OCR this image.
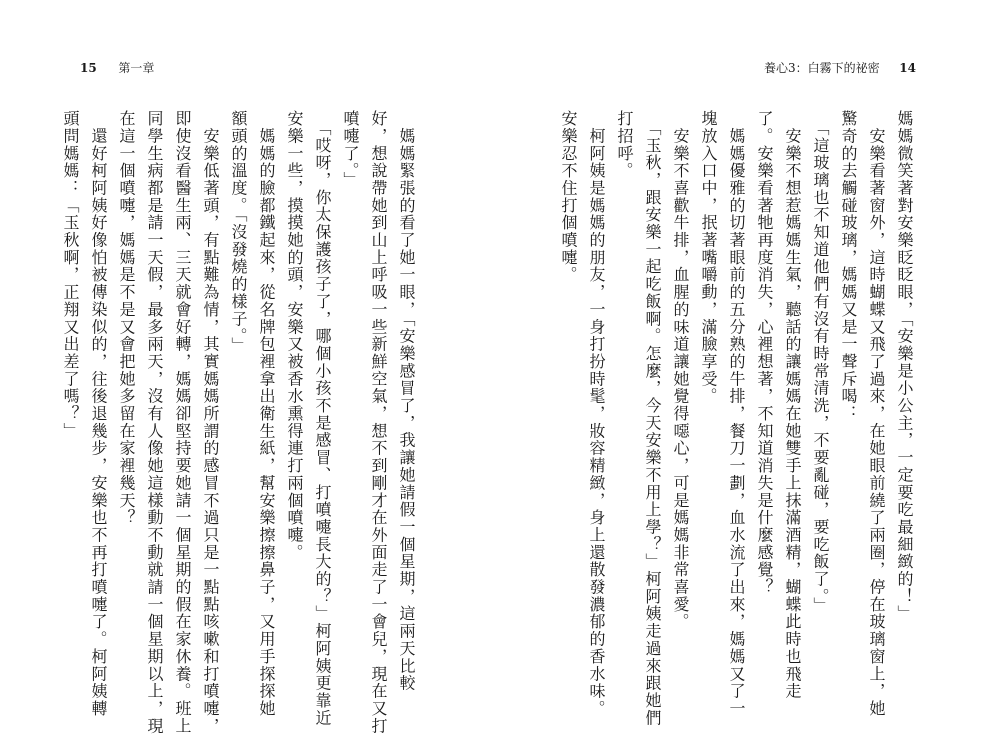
15 第一章	養心3：白霧下的祕密 14
媽媽微笑著對安樂眨眨眼，「安樂是小公主，一定要吃最細緻的！」
　安樂看著窗外，這時蝴蝶又飛了過來，在她眼前繞了兩圈，停在玻璃窗上，她
驚奇的去觸碰玻璃，媽媽又是一聲斥喝：
　「這玻璃也不知道他們有沒有時常清洗，不要亂碰，要吃飯了。」
　安樂不想惹媽媽生氣，聽話的讓媽媽在她雙手上抹滿酒精，蝴蝶此時也飛走
了。安樂看著牠再度消失，心裡想著，不知道消失是什麼感覺？
　媽媽優雅的切著眼前的五分熟的牛排，餐刀一劃，血水流了出來，媽媽又了一
塊放入口中，抿著嘴嚼動，滿臉享受。
　安樂不喜歡牛排，血腥的味道讓她覺得噁心，可是媽媽非常喜愛。
　「玉秋，跟安樂一起吃飯啊。怎麼，今天安樂不用上學？」柯阿姨走過來跟她們
打招呼。
　柯阿姨是媽媽的朋友，一身打扮時髦，妝容精緻，身上還散發濃郁的香水味。
安樂忍不住打個噴嚏。
　媽媽緊張的看了她一眼，「安樂感冒了，我讓她請假一個星期，這兩天比較
好，想說帶她到山上呼吸一些新鮮空氣，想不到剛才在外面走了一會兒，現在又打
噴嚏了。」
　「哎呀，你太保護孩子了，哪個小孩不是感冒、打噴嚏長大的？」柯阿姨更靠近
安樂一些，摸摸她的頭，安樂又被香水熏得連打兩個噴嚏。
　媽媽的臉都鐵起來，從名牌包裡拿出衛生紙，幫安樂擦擦鼻子，又用手探探她
額頭的溫度。「沒發燒的樣子。」
　安樂低著頭，有點難為情，其實媽媽所謂的感冒不過只是一點點咳嗽和打噴嚏，
即使沒看醫生兩、三天就會好轉，媽媽卻堅持要她請一個星期的假在家休養。班上
同學生病都是請一天假，最多兩天，沒有人像她這樣動不動就請一個星期以上，現
在這一個噴嚏，媽媽是不是又會把她多留在家裡幾天？
　還好柯阿姨好像怕被傳染似的，往後退幾步，安樂也不再打噴嚏了。柯阿姨轉
頭問媽媽：「玉秋啊，正翔又出差了嗎？」
